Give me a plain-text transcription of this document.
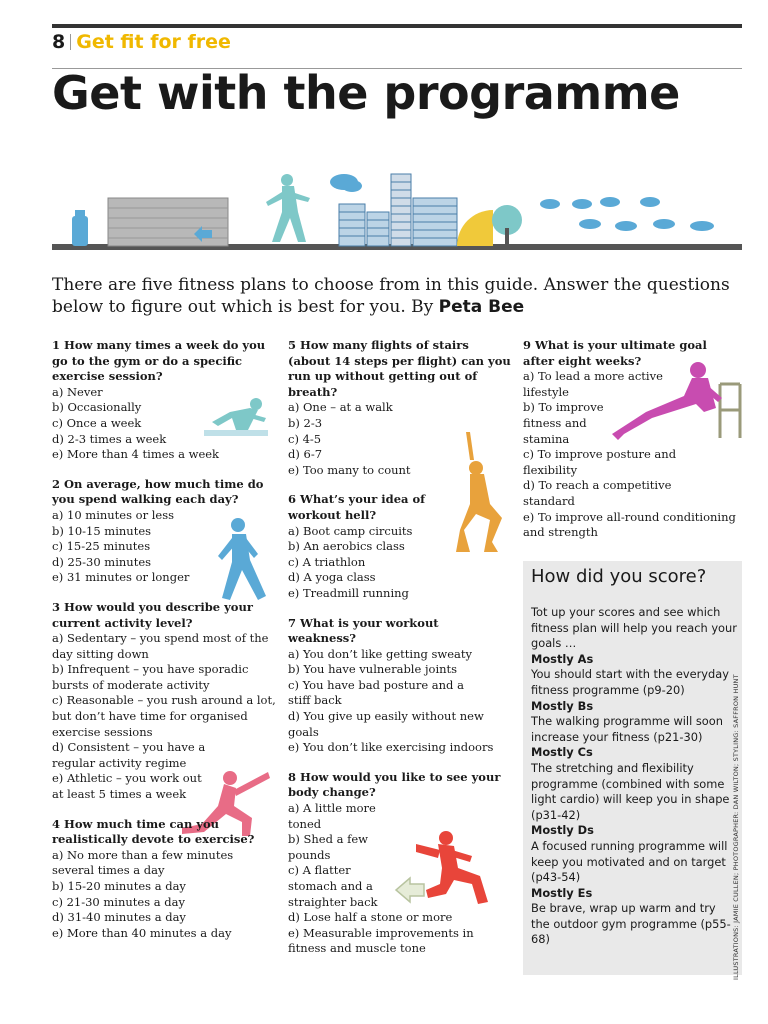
8 Get fit for free
Get with the programme
There are five fitness plans to choose from in this guide. Answer the questions below to figure out which is best for you. By Peta Bee
1 How many times a week do you go to the gym or do a specific exercise session?
a) Never
b) Occasionally
c) Once a week
d) 2-3 times a week
e) More than 4 times a week
2 On average, how much time do you spend walking each day?
a) 10 minutes or less
b) 10-15 minutes
c) 15-25 minutes
d) 25-30 minutes
e) 31 minutes or longer
3 How would you describe your current activity level?
a) Sedentary – you spend most of the day sitting down
b) Infrequent – you have sporadic bursts of moderate activity
c) Reasonable – you rush around a lot, but don’t have time for organised exercise sessions
d) Consistent – you have a regular activity regime
e) Athletic – you work out at least 5 times a week
4 How much time can you realistically devote to exercise?
a) No more than a few minutes several times a day
b) 15-20 minutes a day
c) 21-30 minutes a day
d) 31-40 minutes a day
e) More than 40 minutes a day
5 How many flights of stairs (about 14 steps per flight) can you run up without getting out of breath?
a) One – at a walk
b) 2-3
c) 4-5
d) 6-7
e) Too many to count
6 What’s your idea of workout hell?
a) Boot camp circuits
b) An aerobics class
c) A triathlon
d) A yoga class
e) Treadmill running
7 What is your workout weakness?
a) You don’t like getting sweaty
b) You have vulnerable joints
c) You have bad posture and a stiff back
d) You give up easily without new goals
e) You don’t like exercising indoors
8 How would you like to see your body change?
a) A little more toned
b) Shed a few pounds
c) A flatter stomach and a straighter back
d) Lose half a stone or more
e) Measurable improvements in fitness and muscle tone
9 What is your ultimate goal after eight weeks?
a) To lead a more active lifestyle
b) To improve fitness and stamina
c) To improve posture and flexibility
d) To reach a competitive standard
e) To improve all-round conditioning and strength
How did you score?
Tot up your scores and see which fitness plan will help you reach your goals …
Mostly As
You should start with the everyday fitness programme (p9-20)
Mostly Bs
The walking programme will soon increase your fitness (p21-30)
Mostly Cs
The stretching and flexibility programme (combined with some light cardio) will keep you in shape (p31-42)
Mostly Ds
A focused running programme will keep you motivated and on target (p43-54)
Mostly Es
Be brave, wrap up warm and try the outdoor gym programme (p55-68)	ILLUSTRATIONS: JAMIE CULLEN; PHOTOGRAPHER: DAN WILTON; STYLING: SAFFRON HUNT
